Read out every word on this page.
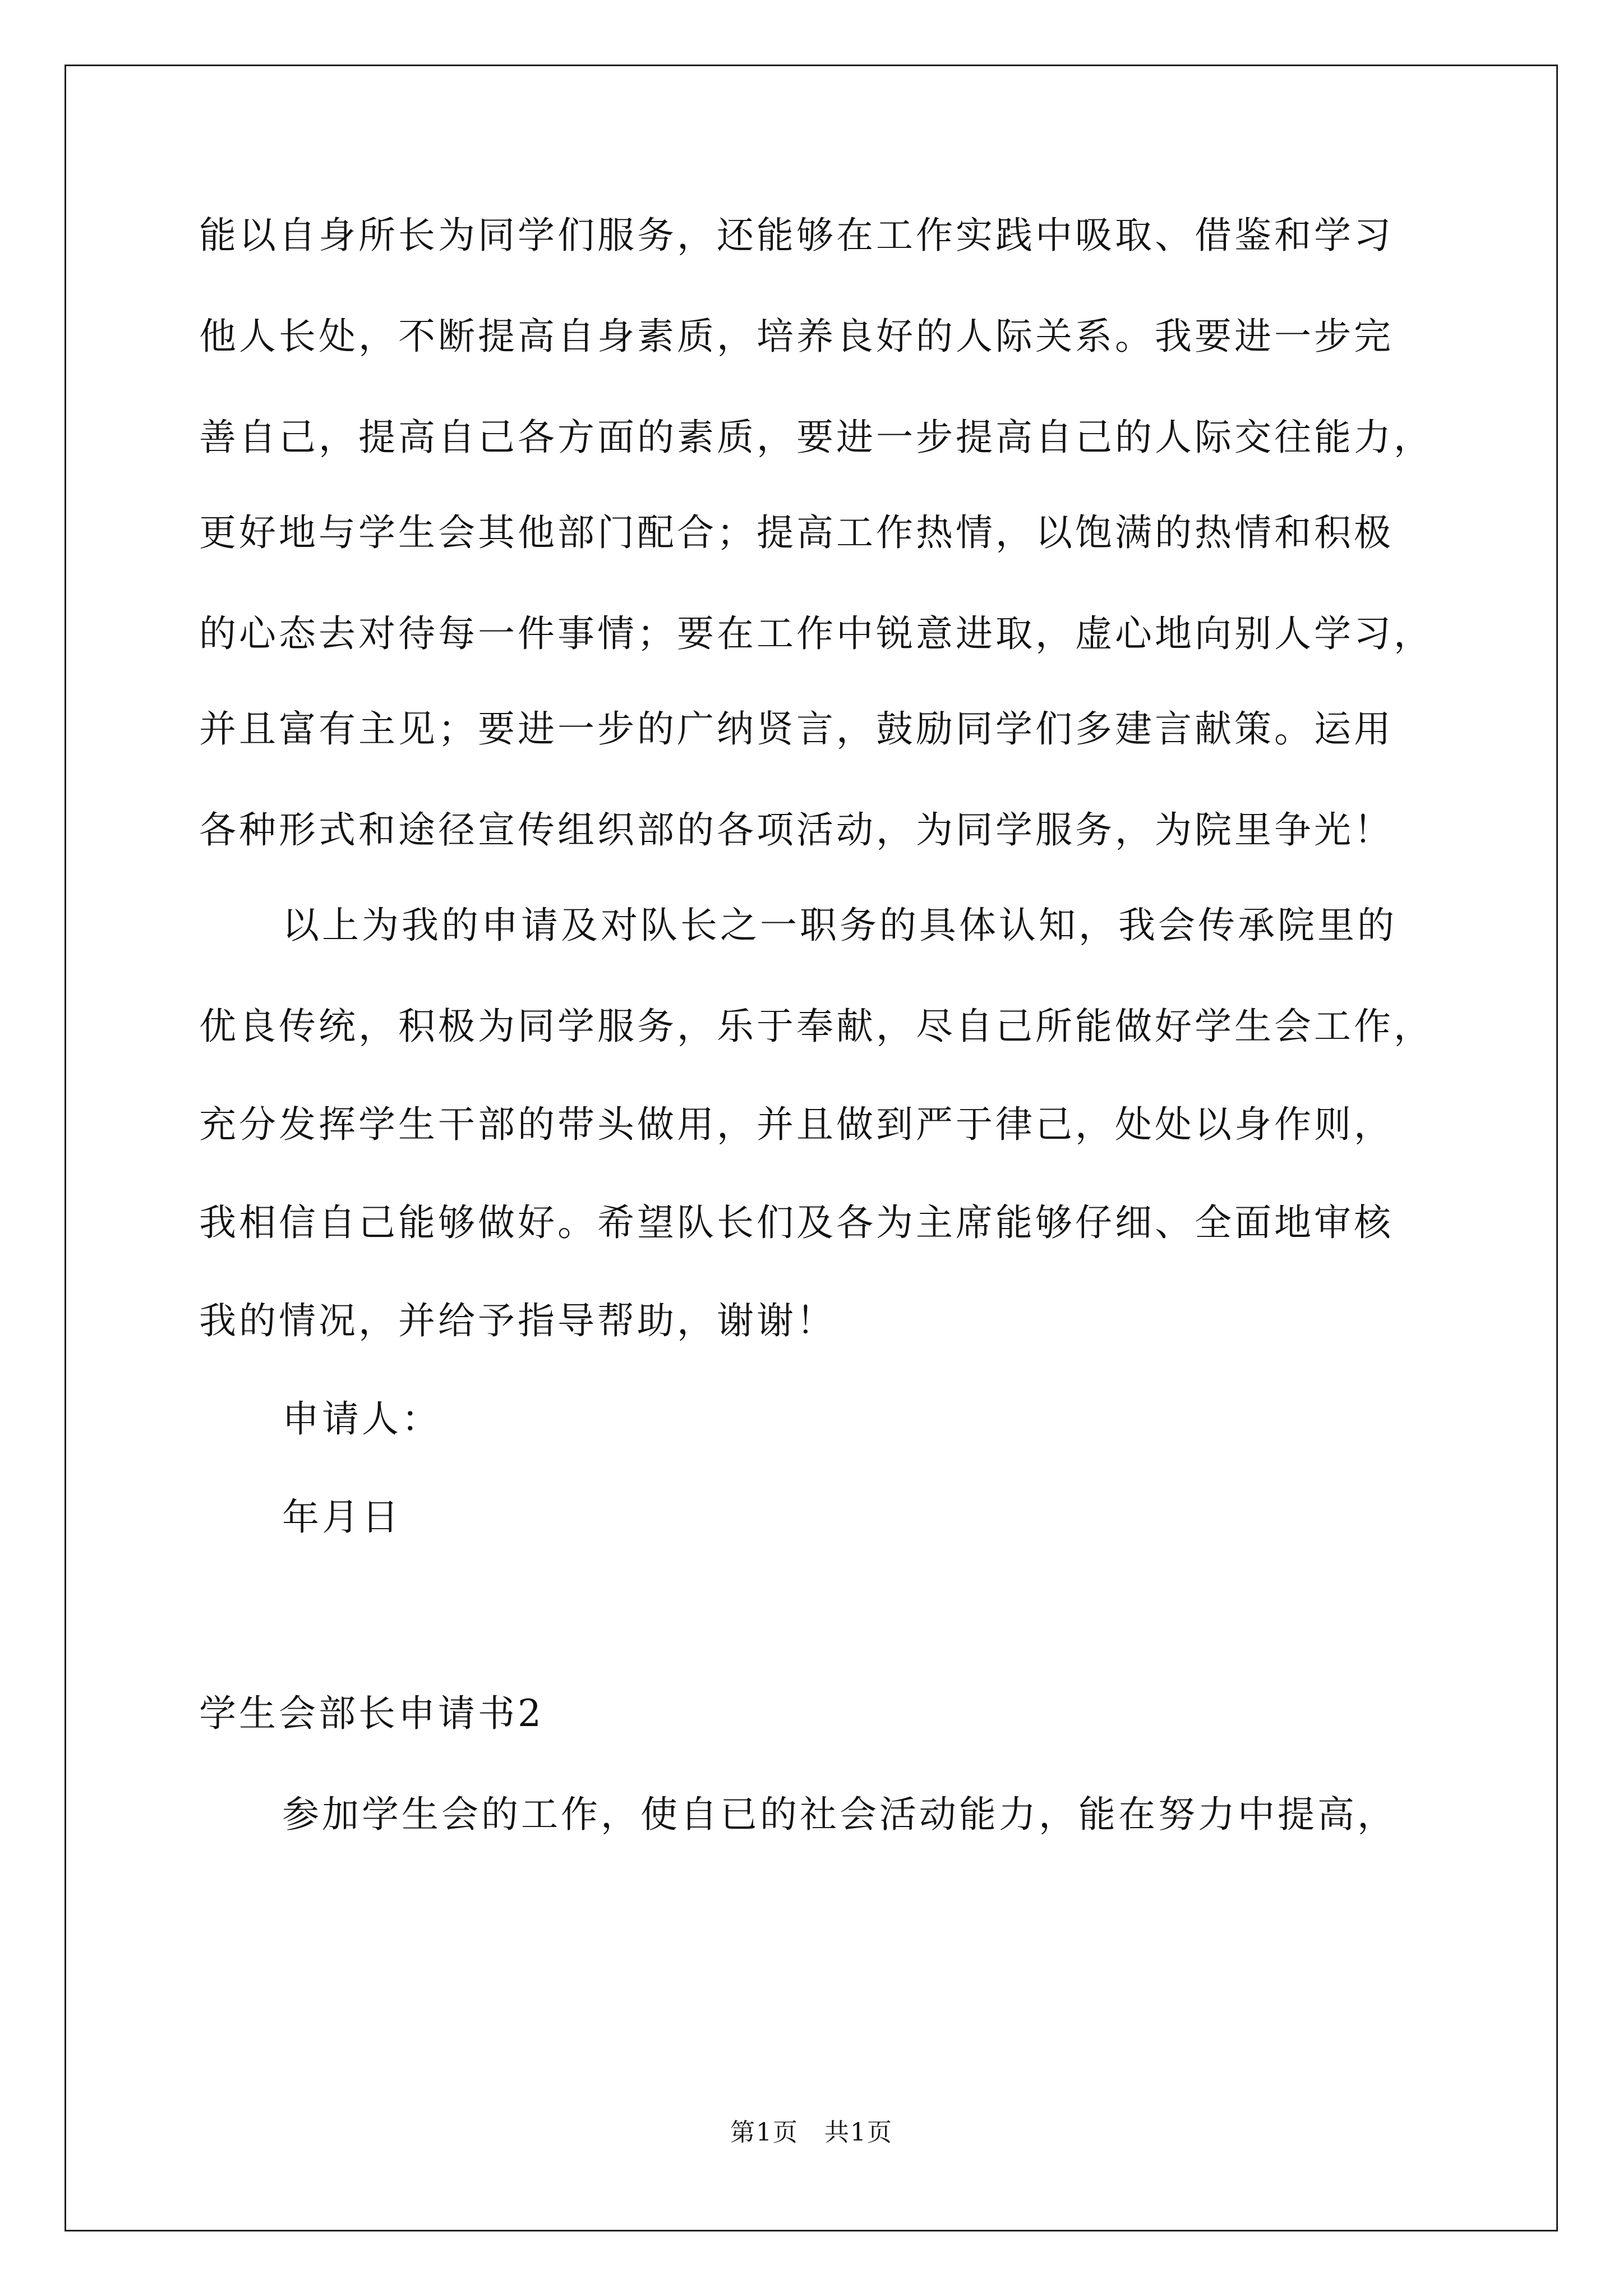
能以自身所长为同学们服务，还能够在工作实践中吸取、借鉴和学习
他人长处，不断提高自身素质，培养良好的人际关系。我要进一步完
善自己，提高自己各方面的素质，要进一步提高自己的人际交往能力，
更好地与学生会其他部门配合；提高工作热情，以饱满的热情和积极
的心态去对待每一件事情；要在工作中锐意进取，虚心地向别人学习，
并且富有主见；要进一步的广纳贤言，鼓励同学们多建言献策。运用
各种形式和途径宣传组织部的各项活动，为同学服务，为院里争光！
以上为我的申请及对队长之一职务的具体认知，我会传承院里的
优良传统，积极为同学服务，乐于奉献，尽自己所能做好学生会工作，
充分发挥学生干部的带头做用，并且做到严于律己，处处以身作则，
我相信自己能够做好。希望队长们及各为主席能够仔细、全面地审核
我的情况，并给予指导帮助，谢谢！
申请人：
年月日
学生会部长申请书2
参加学生会的工作，使自已的社会活动能力，能在努力中提高，
第1页　共1页
